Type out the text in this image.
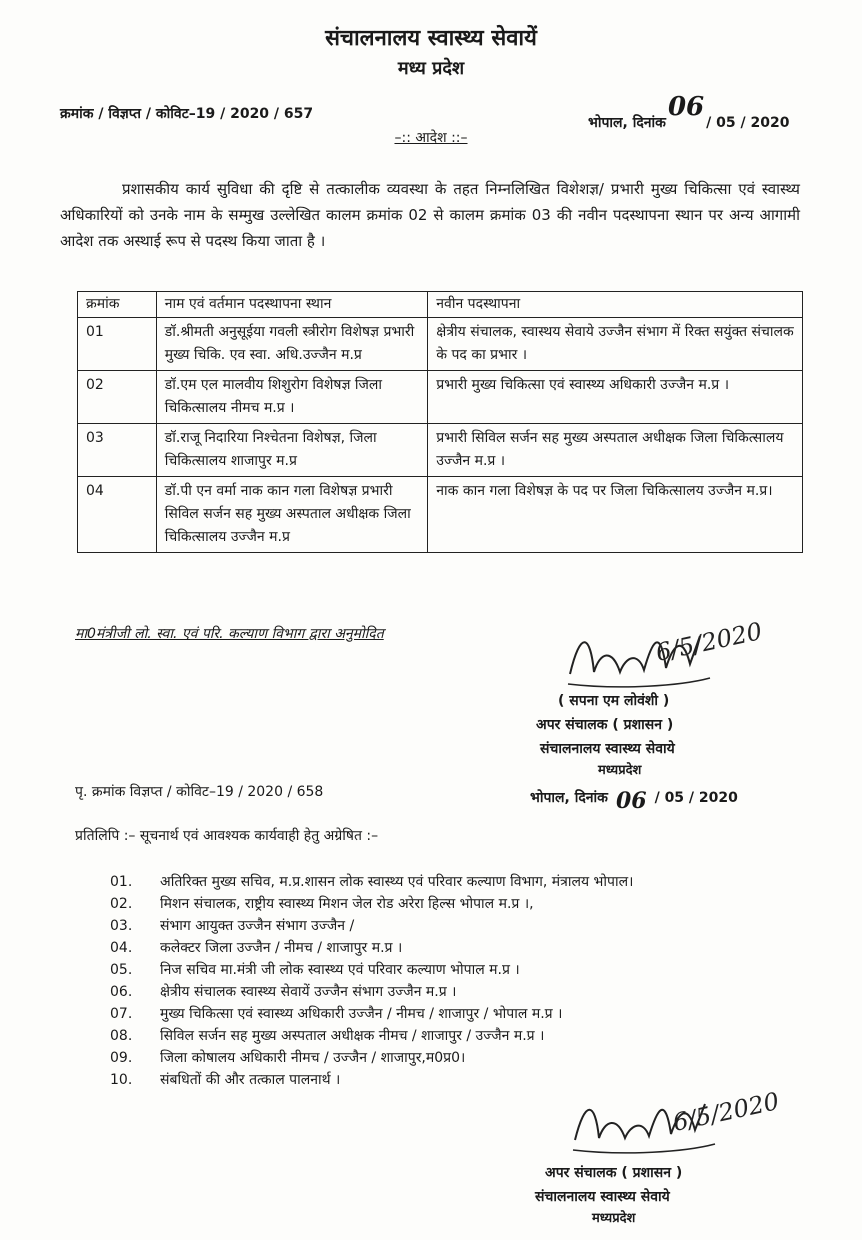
संचालनालय स्वास्थ्य सेवायें
मध्य प्रदेश
क्रमांक / विज्ञप्त / कोविट–19 / 2020 / 657
भोपाल, दिनांक06/ 05 / 2020
–:: आदेश ::–
प्रशासकीय कार्य सुविधा की दृष्टि से तत्कालीक व्यवस्था के तहत निम्नलिखित विशेशज्ञ/ प्रभारी मुख्य चिकित्सा एवं स्वास्थ्य अधिकारियों को उनके नाम के सम्मुख उल्लेखित कालम क्रमांक 02 से कालम क्रमांक 03 की नवीन पदस्थापना स्थान पर अन्य आगामी आदेश तक अस्थाई रूप से पदस्थ किया जाता है ।
क्रमांक	नाम एवं वर्तमान पदस्थापना स्थान	नवीन पदस्थापना
01	डॉ.श्रीमती अनुसूईया गवली स्त्रीरोग विशेषज्ञ प्रभारी मुख्य चिकि. एव स्वा. अधि.उज्जैन म.प्र	क्षेत्रीय संचालक, स्वास्थय सेवाये उज्जैन संभाग में रिक्त सयुंक्त संचालक के पद का प्रभार ।
02	डॉ.एम एल मालवीय शिशुरोग विशेषज्ञ जिला चिकित्सालय नीमच म.प्र ।	प्रभारी मुख्य चिकित्सा एवं स्वास्थ्य अधिकारी उज्जैन म.प्र ।
03	डॉ.राजू निदारिया निश्चेतना विशेषज्ञ, जिला चिकित्सालय शाजापुर म.प्र	प्रभारी सिविल सर्जन सह मुख्य अस्पताल अधीक्षक जिला चिकित्सालय उज्जैन म.प्र ।
04	डॉ.पी एन वर्मा नाक कान गला विशेषज्ञ प्रभारी सिविल सर्जन सह मुख्य अस्पताल अधीक्षक जिला चिकित्सालय उज्जैन म.प्र	नाक कान गला विशेषज्ञ के पद पर जिला चिकित्सालय उज्जैन म.प्र।
मा0मंत्रीजी लो. स्वा. एवं परि. कल्याण विभाग द्वारा अनुमोदित	6/5/2020
( सपना एम लोवंशी )
अपर संचालक ( प्रशासन )
संचालनालय स्वास्थ्य सेवाये
मध्यप्रदेश
पृ. क्रमांक विज्ञप्त / कोविट–19 / 2020 / 658	भोपाल, दिनांक 06 / 05 / 2020
प्रतिलिपि :– सूचनार्थ एवं आवश्यक कार्यवाही हेतु अग्रेषित :–
01.	अतिरिक्त मुख्य सचिव, म.प्र.शासन लोक स्वास्थ्य एवं परिवार कल्याण विभाग, मंत्रालय भोपाल।
02.	मिशन संचालक, राष्ट्रीय स्वास्थ्य मिशन जेल रोड अरेरा हिल्स भोपाल म.प्र ।,
03.	संभाग आयुक्त उज्जैन संभाग उज्जैन /
04.	कलेक्टर जिला उज्जैन / नीमच / शाजापुर म.प्र ।
05.	निज सचिव मा.मंत्री जी लोक स्वास्थ्य एवं परिवार कल्याण भोपाल म.प्र ।
06.	क्षेत्रीय संचालक स्वास्थ्य सेवायें उज्जैन संभाग उज्जैन म.प्र ।
07.	मुख्य चिकित्सा एवं स्वास्थ्य अधिकारी उज्जैन / नीमच / शाजापुर / भोपाल म.प्र ।
08.	सिविल सर्जन सह मुख्य अस्पताल अधीक्षक नीमच / शाजापुर / उज्जैन म.प्र ।
09.	जिला कोषालय अधिकारी नीमच / उज्जैन / शाजापुर,म0प्र0।
10.	संबधितों की और तत्काल पालनार्थ ।
6/5/2020
अपर संचालक ( प्रशासन )
संचालनालय स्वास्थ्य सेवाये
मध्यप्रदेश
